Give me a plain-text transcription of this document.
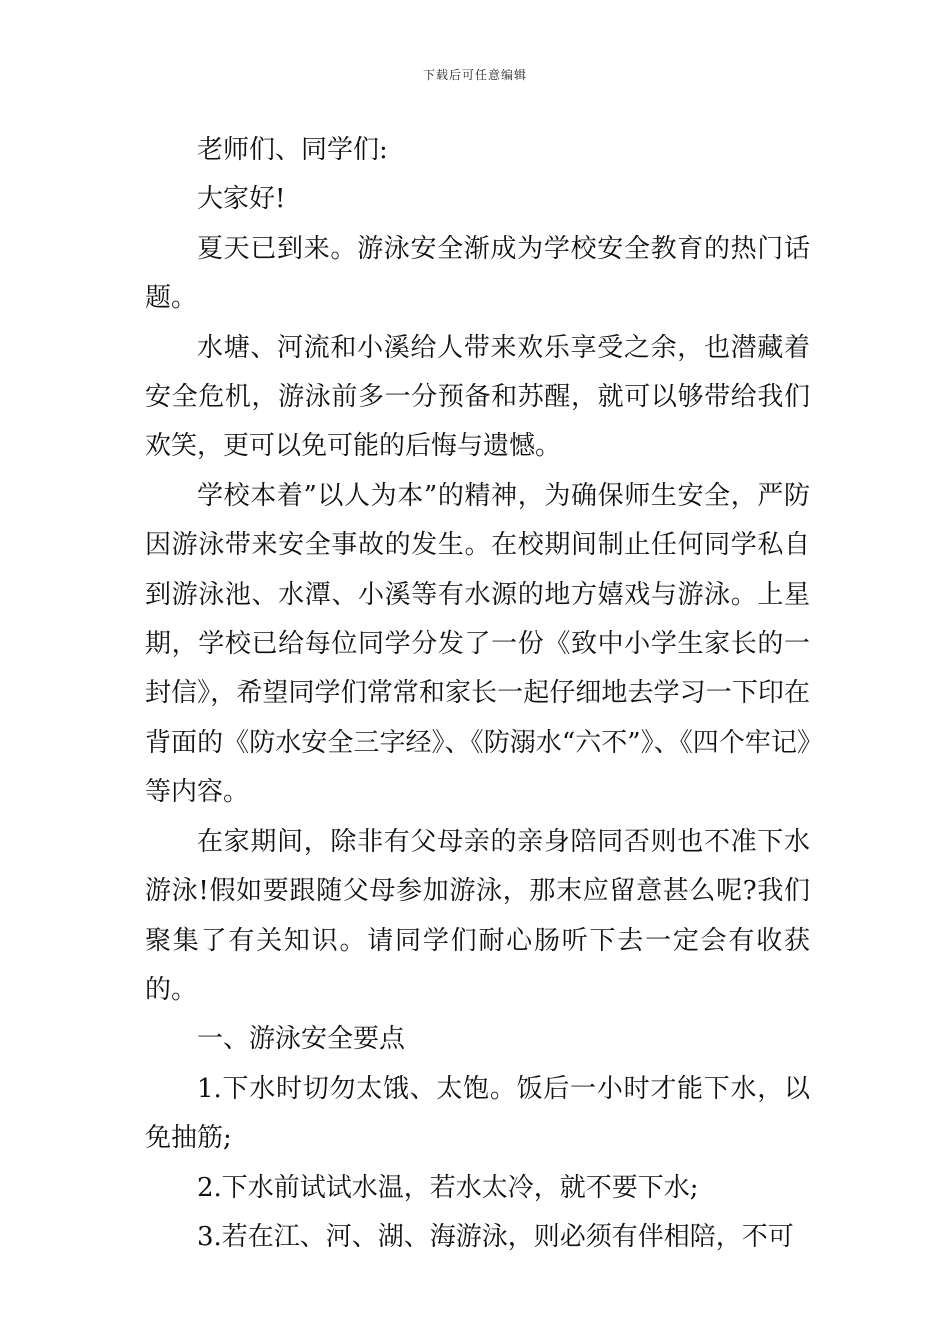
下载后可任意编辑

老师们、同学们:

大家好!

夏天已到来。游泳安全渐成为学校安全教育的热门话题。

水塘、河流和小溪给人带来欢乐享受之余，也潜藏着安全危机，游泳前多一分预备和苏醒，就可以够带给我们欢笑，更可以免可能的后悔与遗憾。

学校本着”以人为本”的精神，为确保师生安全，严防因游泳带来安全事故的发生。在校期间制止任何同学私自到游泳池、水潭、小溪等有水源的地方嬉戏与游泳。上星期，学校已给每位同学分发了一份《致中小学生家长的一封信》，希望同学们常常和家长一起仔细地去学习一下印在背面的《防水安全三字经》、《防溺水“六不”》、《四个牢记》等内容。

在家期间，除非有父母亲的亲身陪同否则也不准下水游泳!假如要跟随父母参加游泳，那末应留意甚么呢?我们聚集了有关知识。请同学们耐心肠听下去一定会有收获的。

一、游泳安全要点

1.下水时切勿太饿、太饱。饭后一小时才能下水，以免抽筋;

2.下水前试试水温，若水太冷，就不要下水;

3.若在江、河、湖、海游泳，则必须有伴相陪，不可
